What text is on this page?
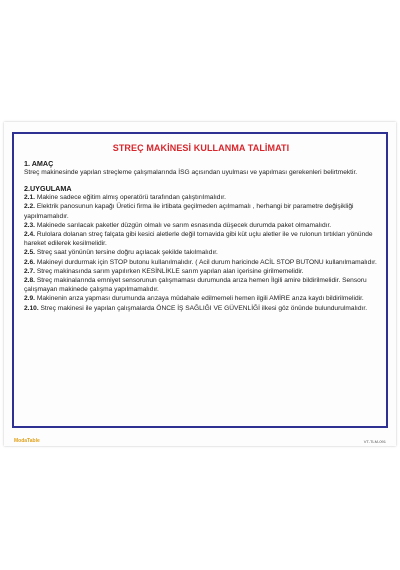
STREÇ MAKİNESİ KULLANMA TALİMATI
1. AMAÇ
Streç makinesinde yapılan streçleme çalışmalarında İSG açısından uyulması ve yapılması gerekenleri belirtmektir.
2.UYGULAMA
2.1. Makine sadece eğitim almış operatörü tarafından çalıştırılmalıdır.
2.2. Elektrik panosunun kapağı Üretici firma ile irtibata geçilmeden açılmamalı , herhangi bir parametre değişikliği yapılmamalıdır.
2.3. Makinede sarılacak paketler düzgün olmalı ve sarım esnasında düşecek durumda paket olmamalıdır.
2.4. Rulolara dolanan streç falçata gibi kesici aletlerle değil tornavida gibi küt uçlu aletler ile ve rulonun tırtıkları yönünde hareket edilerek kesilmelidir.
2.5. Streç saat yönünün tersine doğru açılacak şekilde takılmalıdır.
2.6. Makineyi durdurmak için STOP butonu kullanılmalıdır. ( Acil durum haricinde ACİL STOP BUTONU kullanılmamalıdır.
2.7. Streç makinasında sarım yapılırken KESİNLİKLE sarım yapılan alan içerisine girilmemelidir.
2.8. Streç makinalarında emniyet sensorunun çalışmaması durumunda arıza hemen İlgili amire bildirilmelidir. Sensoru çalışmayan makinede çalışma yapılmamalıdır.
2.9. Makinenin arıza yapması durumunda arızaya müdahale edilmemeli hemen ilgili AMİRE arıza kaydı bildirilmelidir.
2.10. Streç makinesi ile yapılan çalışmalarda ÖNCE İŞ SAĞLIĞI VE GÜVENLİĞİ ilkesi göz önünde bulundurulmalıdır.
ModaTable	VT-TLM-091
